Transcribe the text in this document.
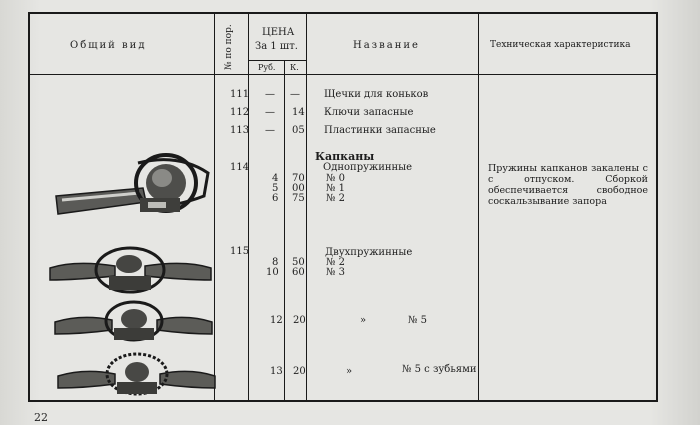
Общий вид	№ по пор.	ЦЕНА
За 1 шт.
Руб. К.
Название	Техническая характеристика
111 — — Щечки для коньков
112 — 14 Ключи запасные
113 — 05 Пластинки запасные
Капканы
114	Однопружинные
4 70 № 0
5 00 № 1
6 75 № 2
115	Двухпружинные
8 50 № 2
10 60 № 3
12 20	»	№ 5
13 20	»	№ 5 с зубьями
Пружины капканов закалены с с отпуском. Сборкой обеспечивается свободное соскальзывание запора
22
